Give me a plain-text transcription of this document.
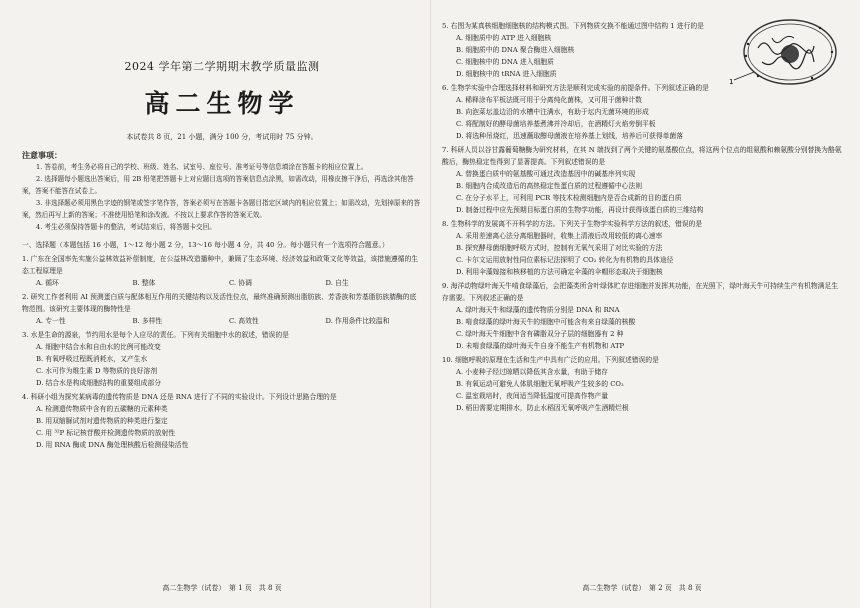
2024 学年第二学期期末教学质量监测
高二生物学
本试卷共 8 页，21 小题，满分 100 分，考试用时 75 分钟。
注意事项：
1. 答卷前，考生务必将自己的学校、班级、姓名、试室号、座位号、准考证号等信息填涂在答题卡的相应位置上。
2. 选择题每小题选出答案后，用 2B 铅笔把答题卡上对应题目选项的答案信息点涂黑，如需改动，用橡皮擦干净后，再选涂其他答案，答案不能答在试卷上。
3. 非选择题必须用黑色字迹的钢笔或签字笔作答，答案必须写在答题卡各题目指定区域内的相应位置上；如需改动，先划掉原来的答案，然后再写上新的答案；不准使用铅笔和涂改液。不按以上要求作答的答案无效。
4. 考生必须保持答题卡的整洁，考试结束后，将答题卡交回。
一、选择题（本题包括 16 小题，1～12 每小题 2 分，13～16 每小题 4 分，共 40 分。每小题只有一个选项符合题意。）
1. 广东在全国率先实施公益林效益补偿制度，在公益林改造播种中，兼顾了生态环境、经济效益和政策文化等效益，该措施遵循的生态工程原理是
A. 循环	B. 整体	C. 协调	D. 自生
2. 研究工作者利用 AI 预测蛋白质与配体相互作用的关键结构以及活性位点，最终准确预测出脂肪族、芳香族和芳基脂肪族腈酶的底物范围。该研究主要体现的酶特性是
A. 专一性	B. 多样性	C. 高效性	D. 作用条件比较温和
3. 水是生命的源泉，节约用水是每个人应尽的责任。下列有关细胞中水的叙述，错误的是
A. 细胞中结合水和自由水的比例可能改变
B. 有氧呼吸过程既消耗水，又产生水
C. 水可作为维生素 D 等物质的良好溶剂
D. 结合水是构成细胞结构的重要组成部分
4. 科研小组为探究某病毒的遗传物质是 DNA 还是 RNA 进行了不同的实验设计。下列设计思路合理的是
A. 检测遗传物质中含有的五碳糖的元素种类
B. 用双缩脲试剂对遗传物质的种类进行鉴定
C. 用 ³²P 标记核苷酸并检测遗传物质的放射性
D. 用 RNA 酶或 DNA 酶处理核酸后检测侵染活性
高二生物学（试卷）　第 1 页　共 8 页
1
5. 右图为某真核细胞细胞核的结构模式图。下列物质交换不能通过图中结构 1 进行的是
A. 细胞质中的 ATP 进入细胞核
B. 细胞质中的 DNA 聚合酶进入细胞核
C. 细胞核中的 DNA 进入细胞质
D. 细胞核中的 tRNA 进入细胞质
6. 生物学实验中合理选择材料和研究方法是顺利完成实验的前提条件。下列叙述正确的是
A. 稀释涂布平板法既可用于分离纯化菌株，又可用于菌种计数
B. 向泡菜坛盖边沿的水槽中注满水，有助于坛内无菌环境的形成
C. 将配制好的酵母菌培养基煮沸并冷却后，在酒精灯火焰旁倒平板
D. 将选种吊烧红，迅速蘸取醇母菌液在培养基上划线，培养后可获得单菌落
7. 科研人员以谷甘露葡萄糖酶为研究材料，在其 N 端找到了两个关键的氨基酸位点，将这两个位点的组氨酸和赖氨酸分别替换为酪氨酸后，酶热稳定性得到了显著提高。下列叙述错误的是
A. 替换蛋白质中的氨基酸可通过改造基因中的碱基序列实现
B. 细胞内合成改造后的高热稳定性蛋白质的过程遵循中心法则
C. 在分子水平上，可利用 PCR 等技术检测细胞内是否合成新的目的蛋白质
D. 制备过程中应先预期目标蛋白质的生物学功能，再设计获得该蛋白质的三维结构
8. 生物科学的发展离不开科学的方法。下列关于生物学实验科学方法的叙述，错误的是
A. 采用差速离心法分离细胞器时，收集上清液后改用较低的离心速率
B. 探究酵母菌细胞呼吸方式时，控制有无氧气采用了对比实验的方法
C. 卡尔文运用放射性同位素标记法探明了 CO₂ 转化为有机物的具体途径
D. 利用伞藻嫁接和核移植的方法可确定伞藻的伞帽形态取决于细胞核
9. 海洋动物绿叶海天牛啃食绿藻后，会把藻类所含叶绿体贮存进细胞并发挥其功能，在光照下，绿叶海天牛可持续生产有机物满足生存需要。下列叙述正确的是
A. 绿叶海天牛和绿藻的遗传物质分别是 DNA 和 RNA
B. 啃食绿藻的绿叶海天牛的细胞中可能含有来自绿藻的核酸
C. 绿叶海天牛细胞中含有磷脂双分子层的细胞器有 2 种
D. 未啃食绿藻的绿叶海天牛自身不能生产有机物和 ATP
10. 细胞呼吸的原理在生活和生产中具有广泛的应用。下列叙述错误的是
A. 小麦种子经过晾晒以降低其含水量，有助于储存
B. 有氧运动可避免人体肌细胞无氧呼吸产生较多的 CO₂
C. 温室栽培时，夜间适当降低温度可提高作物产量
D. 稻田需要定期排水，防止水稻因无氧呼吸产生酒精烂根
高二生物学（试卷）　第 2 页　共 8 页
